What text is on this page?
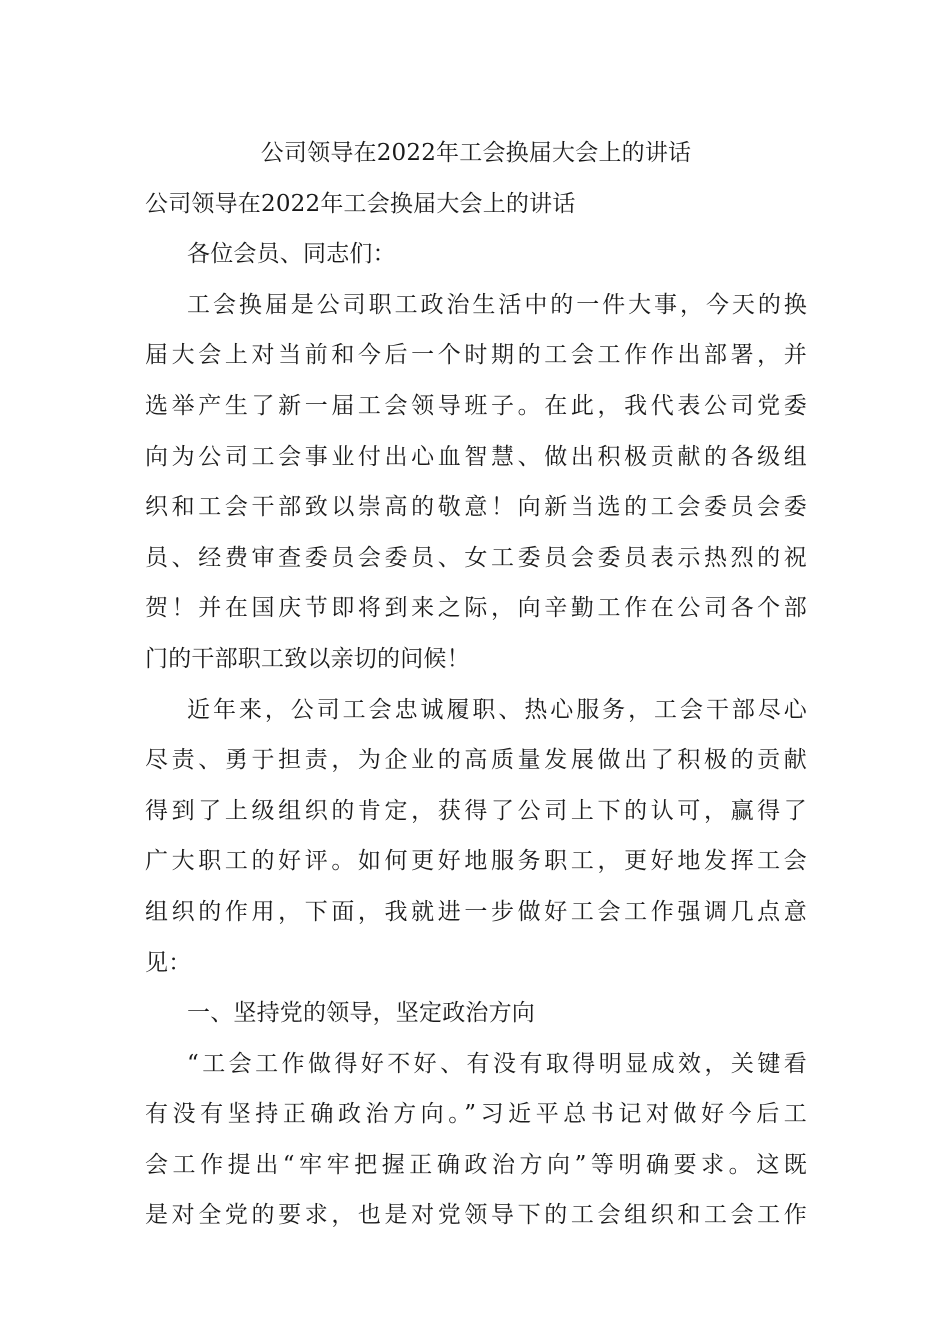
公司领导在2022年工会换届大会上的讲话
公司领导在2022年工会换届大会上的讲话
各位会员、同志们：
工会换届是公司职工政治生活中的一件大事，今天的换
届大会上对当前和今后一个时期的工会工作作出部署，并
选举产生了新一届工会领导班子。在此，我代表公司党委
向为公司工会事业付出心血智慧、做出积极贡献的各级组
织和工会干部致以崇高的敬意！向新当选的工会委员会委
员、经费审查委员会委员、女工委员会委员表示热烈的祝
贺！并在国庆节即将到来之际，向辛勤工作在公司各个部
门的干部职工致以亲切的问候！
近年来，公司工会忠诚履职、热心服务，工会干部尽心
尽责、勇于担责，为企业的高质量发展做出了积极的贡献
得到了上级组织的肯定，获得了公司上下的认可，赢得了
广大职工的好评。如何更好地服务职工，更好地发挥工会
组织的作用，下面，我就进一步做好工会工作强调几点意
见：
一、坚持党的领导，坚定政治方向
“工会工作做得好不好、有没有取得明显成效，关键看
有没有坚持正确政治方向。”习近平总书记对做好今后工
会工作提出“牢牢把握正确政治方向”等明确要求。这既
是对全党的要求，也是对党领导下的工会组织和工会工作
